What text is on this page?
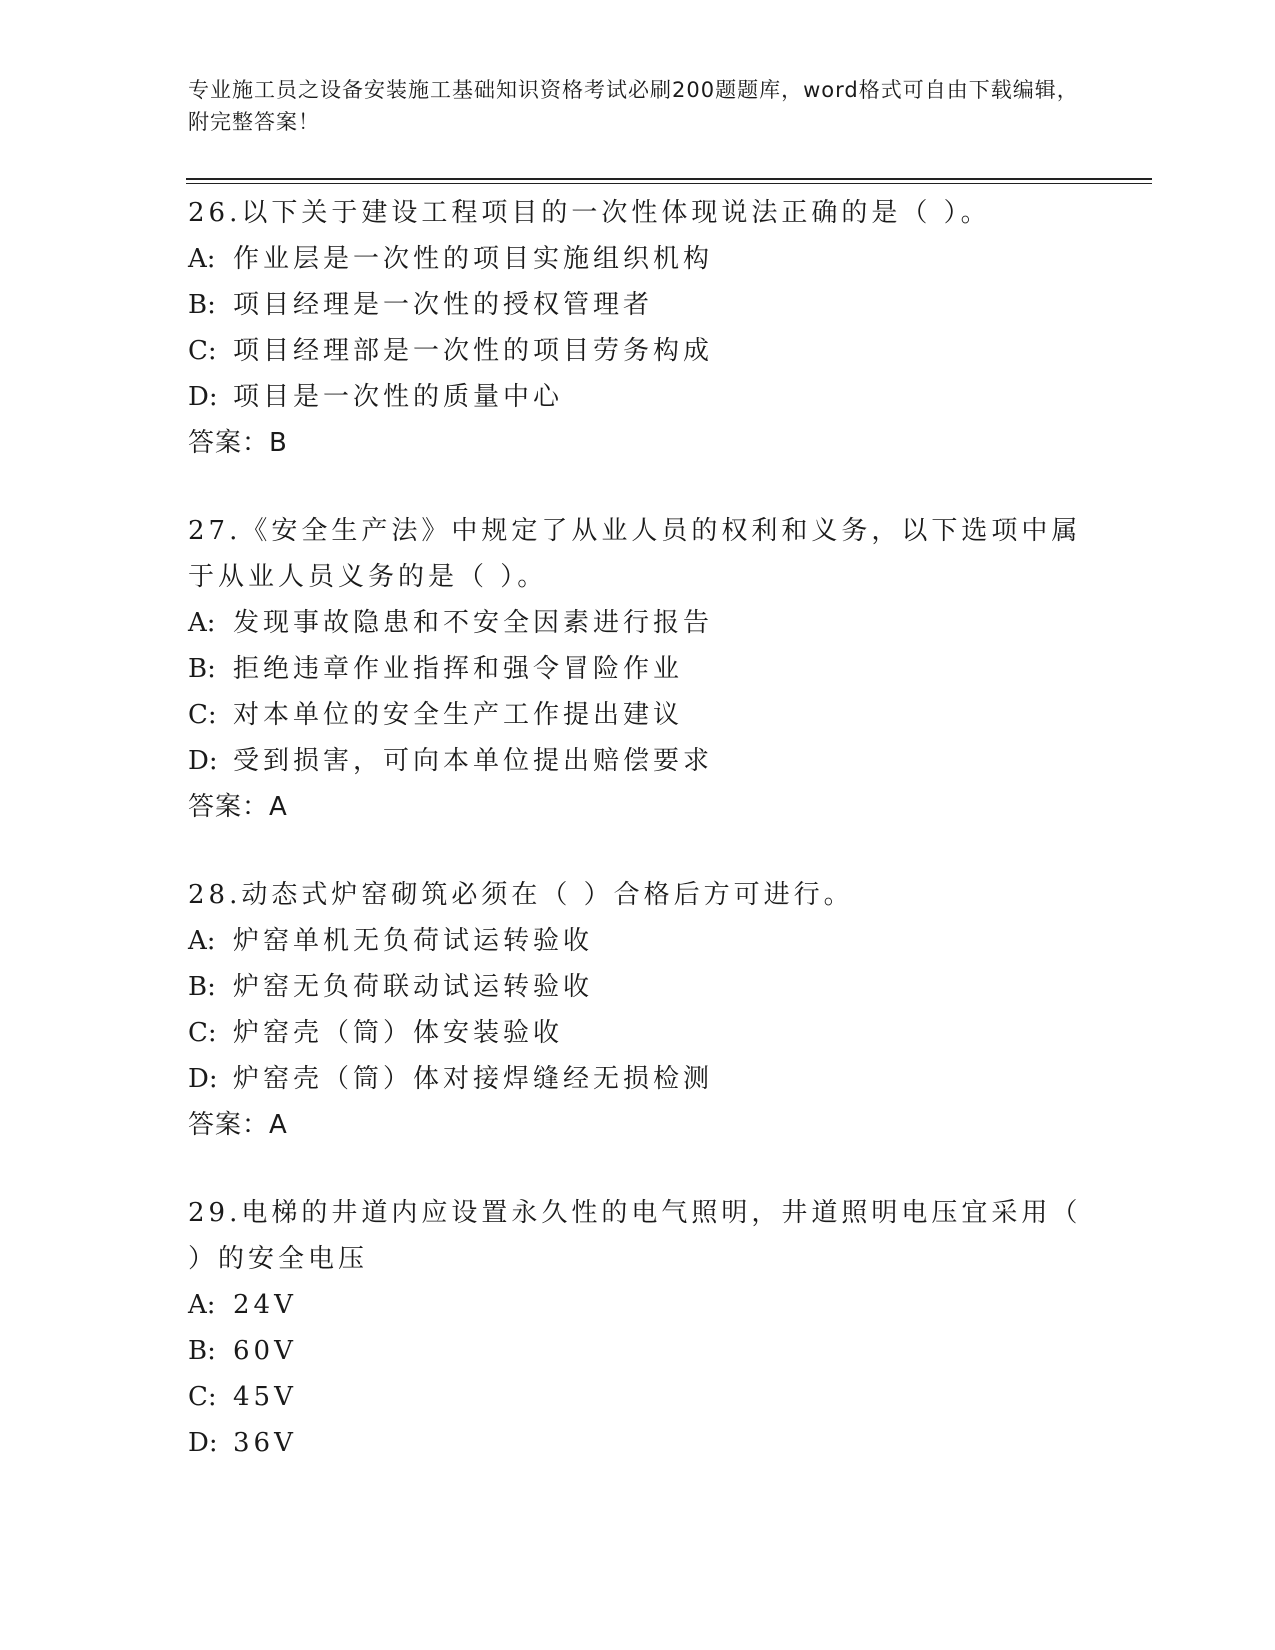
专业施工员之设备安装施工基础知识资格考试必刷200题题库，word格式可自由下载编辑，附完整答案！

26.以下关于建设工程项目的一次性体现说法正确的是（ ）。

A: 作业层是一次性的项目实施组织机构

B: 项目经理是一次性的授权管理者

C: 项目经理部是一次性的项目劳务构成

D: 项目是一次性的质量中心

答案：B

27.《安全生产法》中规定了从业人员的权利和义务，以下选项中属于从业人员义务的是（ ）。

A: 发现事故隐患和不安全因素进行报告

B: 拒绝违章作业指挥和强令冒险作业

C: 对本单位的安全生产工作提出建议

D: 受到损害，可向本单位提出赔偿要求

答案：A

28.动态式炉窑砌筑必须在（ ）合格后方可进行。

A: 炉窑单机无负荷试运转验收

B: 炉窑无负荷联动试运转验收

C: 炉窑壳（筒）体安装验收

D: 炉窑壳（筒）体对接焊缝经无损检测

答案：A

29.电梯的井道内应设置永久性的电气照明，井道照明电压宜采用（ ）的安全电压

A: 24V

B: 60V

C: 45V

D: 36V
